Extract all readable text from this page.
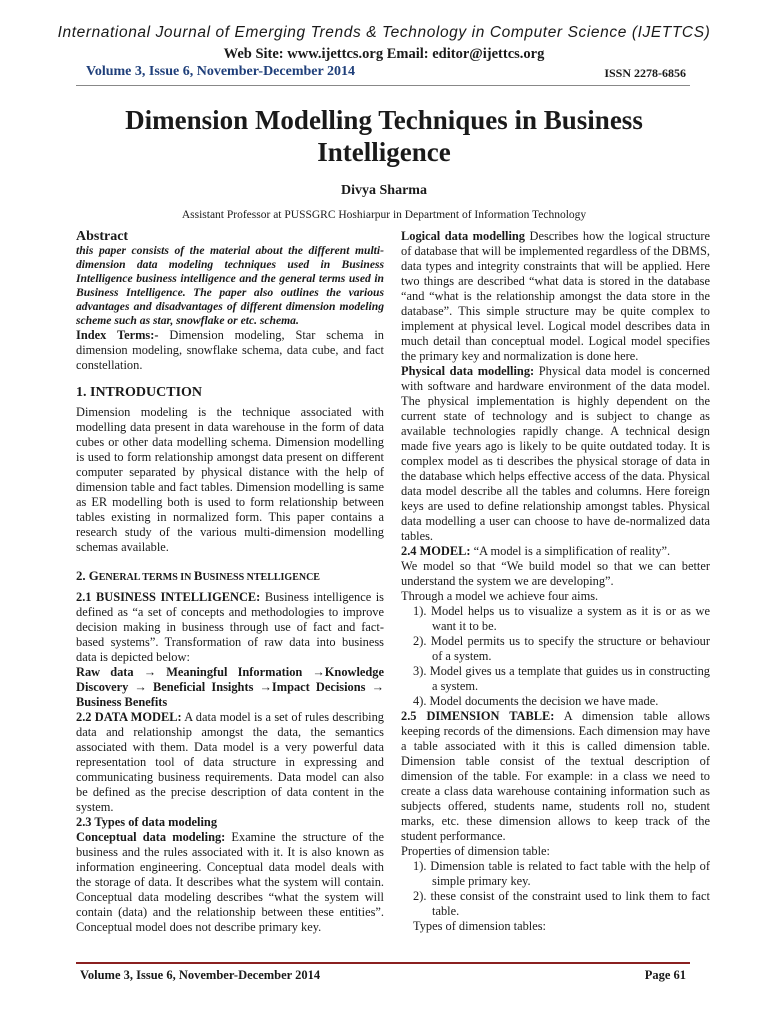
International Journal of Emerging Trends & Technology in Computer Science (IJETTCS)
Web Site: www.ijettcs.org Email: editor@ijettcs.org
Volume 3, Issue 6, November-December 2014	ISSN 2278-6856
Dimension Modelling Techniques in Business Intelligence
Divya Sharma
Assistant Professor at PUSSGRC Hoshiarpur in Department of Information Technology

Abstract

this paper consists of the material about the different multi-dimension data modeling techniques used in Business Intelligence business intelligence and the general terms used in Business Intelligence. The paper also outlines the various advantages and disadvantages of different dimension modeling scheme such as star, snowflake or etc. schema.

Index Terms:- Dimension modeling, Star schema in dimension modeling, snowflake schema, data cube, and fact constellation.

1. INTRODUCTION

Dimension modeling is the technique associated with modelling data present in data warehouse in the form of data cubes or other data modelling schema. Dimension modelling is used to form relationship amongst data present on different computer separated by physical distance with the help of dimension table and fact tables. Dimension modelling is same as ER modelling both is used to form relationship between tables existing in normalized form. This paper contains a research study of the various multi-dimension modelling schemas available.

2. GENERAL TERMS IN BUSINESS NTELLIGENCE

2.1 BUSINESS INTELLIGENCE: Business intelligence is defined as “a set of concepts and methodologies to improve decision making in business through use of fact and fact-based systems”. Transformation of raw data into business data is depicted below:

Raw data → Meaningful Information →Knowledge Discovery → Beneficial Insights →Impact Decisions → Business Benefits

2.2 DATA MODEL: A data model is a set of rules describing data and relationship amongst the data, the semantics associated with them. Data model is a very powerful data representation tool of data structure in expressing and communicating business requirements. Data model can also be defined as the precise description of data content in the system.

2.3 Types of data modeling

Conceptual data modeling: Examine the structure of the business and the rules associated with it. It is also known as information engineering. Conceptual data model deals with the storage of data. It describes what the system will contain. Conceptual data modeling describes “what the system will contain (data) and the relationship between these entities”. Conceptual model does not describe primary key.

Logical data modelling Describes how the logical structure of database that will be implemented regardless of the DBMS, data types and integrity constraints that will be applied. Here two things are described “what data is stored in the database “and “what is the relationship amongst the data store in the database”. This simple structure may be quite complex to implement at physical level. Logical model describes data in much detail than conceptual model. Logical model specifies the primary key and normalization is done here.

Physical data modelling: Physical data model is concerned with software and hardware environment of the data model. The physical implementation is highly dependent on the current state of technology and is subject to change as available technologies rapidly change. A technical design made five years ago is likely to be quite outdated today. It is complex model as ti describes the physical storage of data in the database which helps effective access of the data. Physical data model describe all the tables and columns. Here foreign keys are used to define relationship amongst tables. Physical data modelling a user can choose to have de-normalized data tables.

2.4 MODEL: “A model is a simplification of reality”.

We model so that “We build model so that we can better understand the system we are developing”.

Through a model we achieve four aims.

1). Model helps us to visualize a system as it is or as we want it to be.
2). Model permits us to specify the structure or behaviour of a system.
3). Model gives us a template that guides us in constructing a system.
4). Model documents the decision we have made.

2.5 DIMENSION TABLE: A dimension table allows keeping records of the dimensions. Each dimension may have a table associated with it this is called dimension table. Dimension table consist of the textual description of dimension of the table. For example: in a class we need to create a class data warehouse containing information such as subjects offered, students name, students roll no, student marks, etc. these dimension allows to keep track of the student performance.

Properties of dimension table:

1). Dimension table is related to fact table with the help of simple primary key.
2). these consist of the constraint used to link them to fact table.

Types of dimension tables:

Volume 3, Issue 6, November-December 2014	Page 61
